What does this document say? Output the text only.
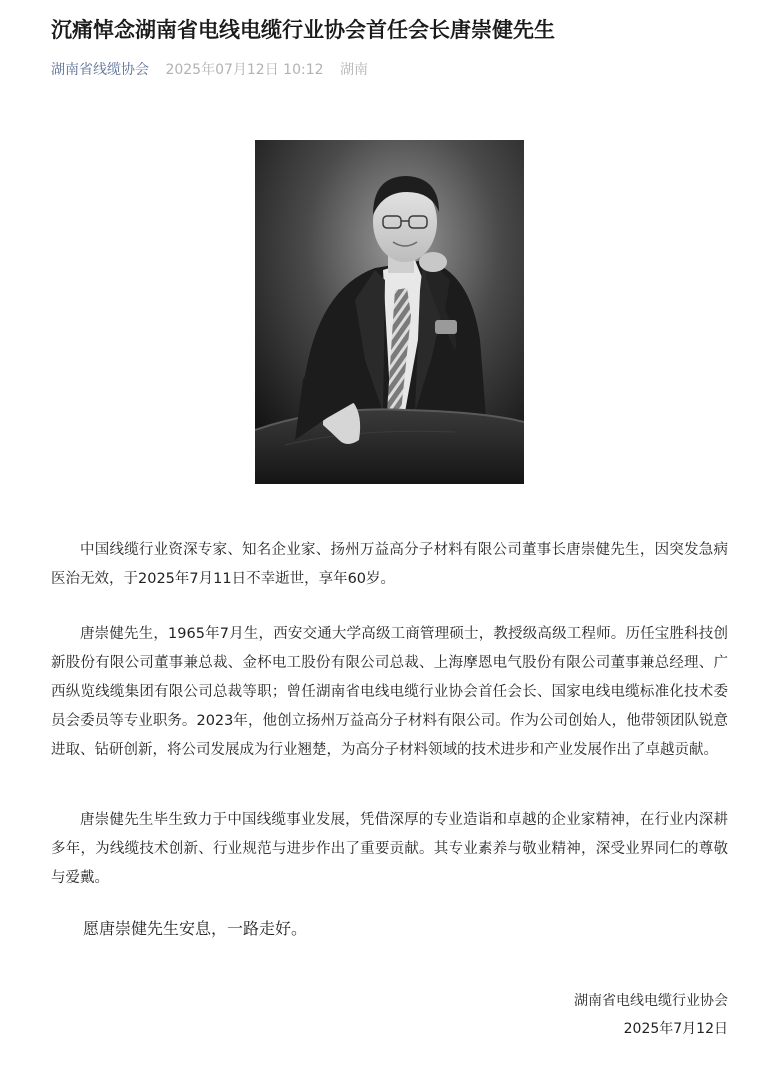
沉痛悼念湖南省电线电缆行业协会首任会长唐崇健先生
湖南省线缆协会 2025年07月12日 10:12 湖南

中国线缆行业资深专家、知名企业家、扬州万益高分子材料有限公司董事长唐崇健先生，因突发急病医治无效，于2025年7月11日不幸逝世，享年60岁。

唐崇健先生，1965年7月生，西安交通大学高级工商管理硕士，教授级高级工程师。历任宝胜科技创新股份有限公司董事兼总裁、金杯电工股份有限公司总裁、上海摩恩电气股份有限公司董事兼总经理、广西纵览线缆集团有限公司总裁等职；曾任湖南省电线电缆行业协会首任会长、国家电线电缆标准化技术委员会委员等专业职务。2023年，他创立扬州万益高分子材料有限公司。作为公司创始人，他带领团队锐意进取、钻研创新，将公司发展成为行业翘楚，为高分子材料领域的技术进步和产业发展作出了卓越贡献。

唐崇健先生毕生致力于中国线缆事业发展，凭借深厚的专业造诣和卓越的企业家精神，在行业内深耕多年，为线缆技术创新、行业规范与进步作出了重要贡献。其专业素养与敬业精神，深受业界同仁的尊敬与爱戴。

愿唐崇健先生安息，一路走好。

湖南省电线电缆行业协会
2025年7月12日
